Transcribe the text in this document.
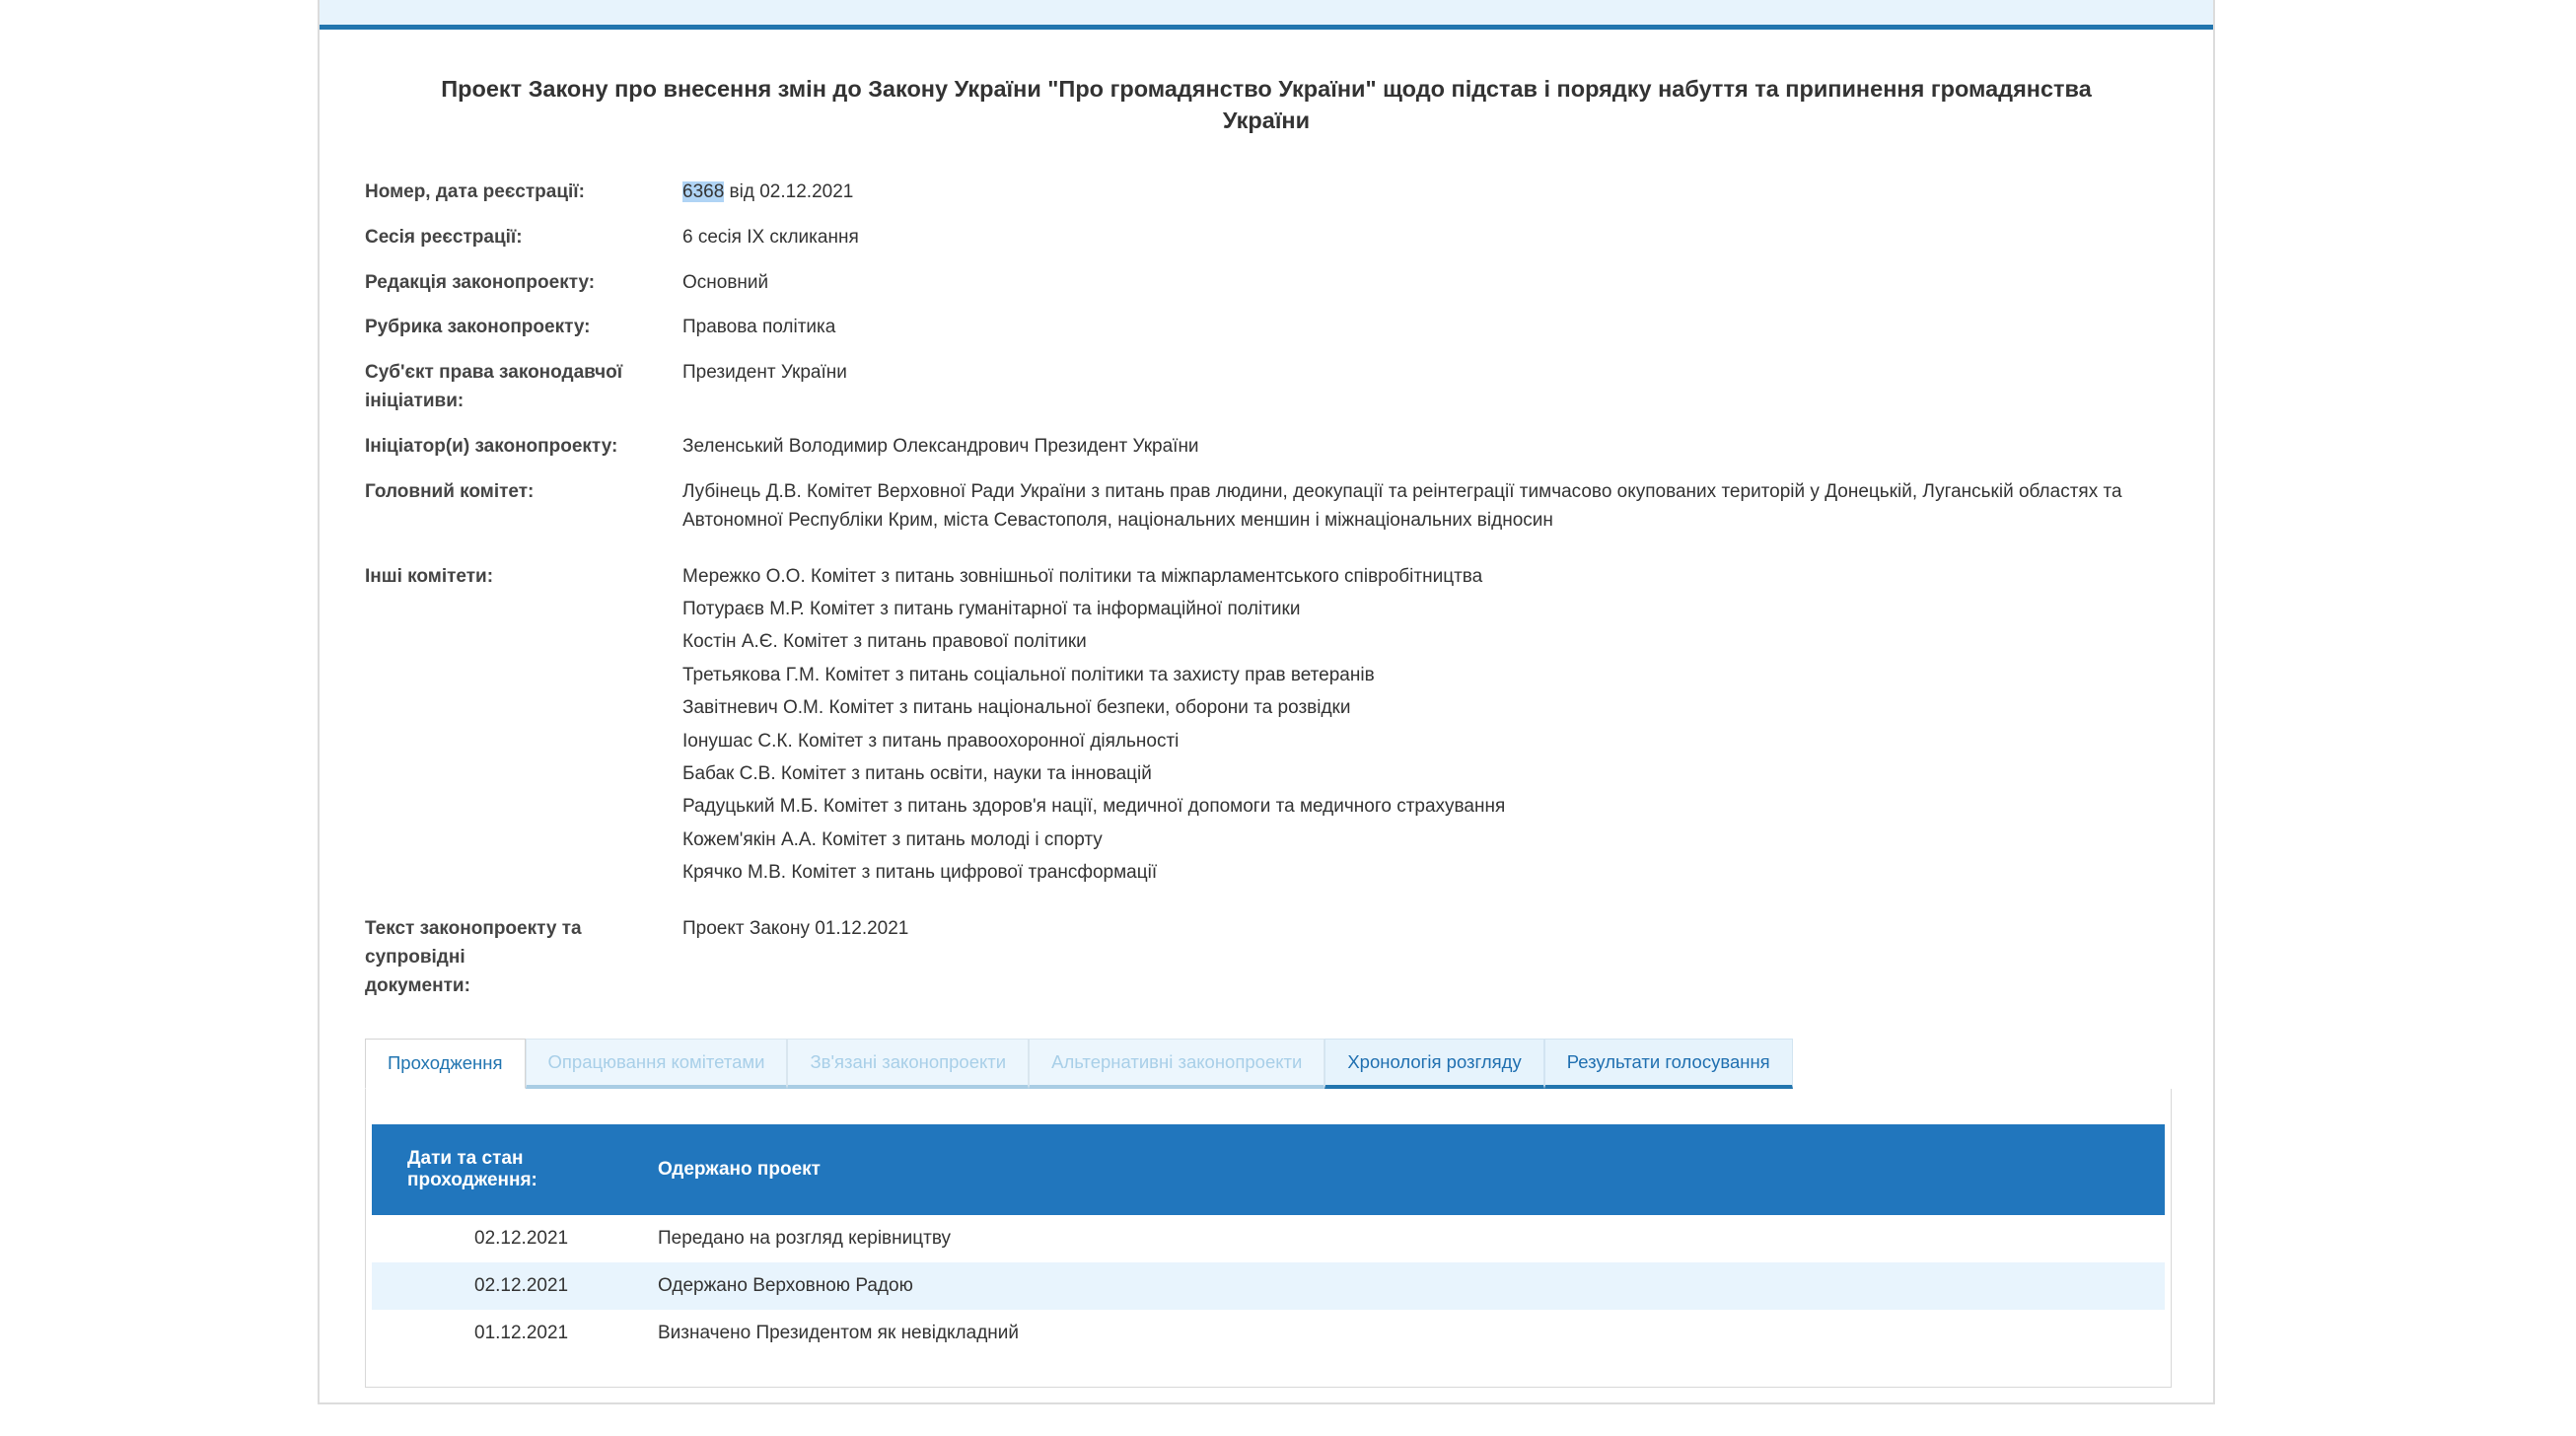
Проект Закону про внесення змін до Закону України "Про громадянство України" щодо підстав і порядку набуття та припинення громадянства України
Номер, дата реєстрації:	6368 від 02.12.2021
Сесія реєстрації:	6 сесія IX скликання
Редакція законопроекту:	Основний
Рубрика законопроекту:	Правова політика
Суб'єкт права законодавчої ініціативи:
Президент України
Ініціатор(и) законопроекту:	Зеленський Володимир Олександрович Президент України
Головний комітет:	Лубінець Д.В. Комітет Верховної Ради України з питань прав людини, деокупації та реінтеграції тимчасово окупованих територій у Донецькій, Луганській областях та Автономної Республіки Крим, міста Севастополя, національних меншин і міжнаціональних відносин
Інші комітети:	Мережко О.О. Комітет з питань зовнішньої політики та міжпарламентського співробітництва
Потураєв М.Р. Комітет з питань гуманітарної та інформаційної політики
Костін А.Є. Комітет з питань правової політики
Третьякова Г.М. Комітет з питань соціальної політики та захисту прав ветеранів
Завітневич О.М. Комітет з питань національної безпеки, оборони та розвідки
Іонушас С.К. Комітет з питань правоохоронної діяльності
Бабак С.В. Комітет з питань освіти, науки та інновацій
Радуцький М.Б. Комітет з питань здоров'я нації, медичної допомоги та медичного страхування
Кожем'якін А.А. Комітет з питань молоді і спорту
Крячко М.В. Комітет з питань цифрової трансформації
Текст законопроекту та супровідні
документи:
Проект Закону 01.12.2021
Проходження	Опрацювання комітетами	Зв'язані законопроекти	Альтернативні законопроекти	Хронологія розгляду	Результати голосування
Дати та стан проходження:	Одержано проект
02.12.2021	Передано на розгляд керівництву
02.12.2021	Одержано Верховною Радою
01.12.2021	Визначено Президентом як невідкладний
